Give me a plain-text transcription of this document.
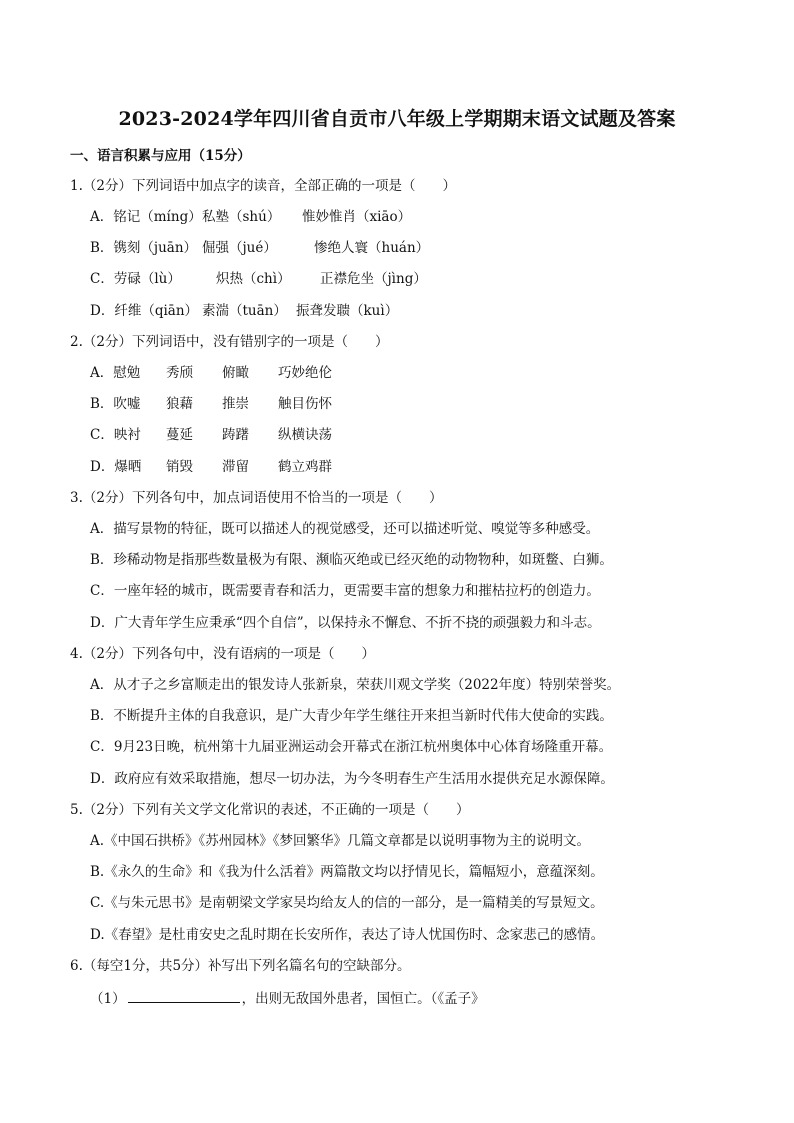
2023-2024学年四川省自贡市八年级上学期期末语文试题及答案
一、语言积累与应用（15分）
1.（2分）下列词语中加点字的读音，全部正确的一项是（　　）
A．铭记（míng）私塾（shú） 惟妙惟肖（xiāo）
B．镌刻（juān） 倔强（jué）	惨绝人寰（huán）
C．劳碌（lù）	炽热（chì） 正襟危坐（jìng）
D．纤维（qiān） 素湍（tuān） 振聋发聩（kuì）
2.（2分）下列词语中，没有错别字的一项是（　　）
A．慰勉 秀颀 俯瞰 巧妙绝伦
B．吹嘘 狼藉 推崇 触目伤怀
C．映衬 蔓延 踌躇 纵横诀荡
D．爆晒 销毁 滞留 鹤立鸡群
3.（2分）下列各句中，加点词语使用不恰当的一项是（　　）
A．描写景物的特征，既可以描述人的视觉感受，还可以描述听觉、嗅觉等多种感受。
B．珍稀动物是指那些数量极为有限、濒临灭绝或已经灭绝的动物物种，如斑鳖、白狮。
C．一座年轻的城市，既需要青春和活力，更需要丰富的想象力和摧枯拉朽的创造力。
D．广大青年学生应秉承“四个自信”，以保持永不懈怠、不折不挠的顽强毅力和斗志。
4.（2分）下列各句中，没有语病的一项是（　　）
A．从才子之乡富顺走出的银发诗人张新泉，荣获川观文学奖（2022年度）特别荣誉奖。
B．不断提升主体的自我意识，是广大青少年学生继往开来担当新时代伟大使命的实践。
C．9月23日晚，杭州第十九届亚洲运动会开幕式在浙江杭州奥体中心体育场隆重开幕。
D．政府应有效采取措施，想尽一切办法，为今冬明春生产生活用水提供充足水源保障。
5.（2分）下列有关文学文化常识的表述，不正确的一项是（　　）
A.《中国石拱桥》《苏州园林》《梦回繁华》几篇文章都是以说明事物为主的说明文。
B.《永久的生命》和《我为什么活着》两篇散文均以抒情见长，篇幅短小，意蕴深刻。
C.《与朱元思书》是南朝梁文学家吴均给友人的信的一部分，是一篇精美的写景短文。
D.《春望》是杜甫安史之乱时期在长安所作，表达了诗人忧国伤时、念家悲己的感情。
6.（每空1分，共5分）补写出下列名篇名句的空缺部分。
（1）	，出则无敌国外患者，国恒亡。（《孟子》
